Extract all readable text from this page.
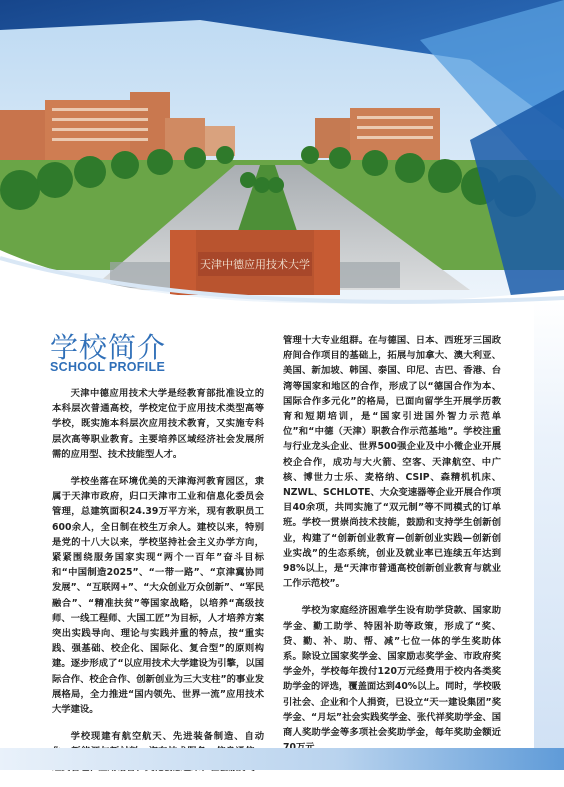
天津中德应用技术大学
学校简介
SCHOOL PROFILE

天津中德应用技术大学是经教育部批准设立的本科层次普通高校，学校定位于应用技术类型高等学校，既实施本科层次应用技术教育，又实施专科层次高等职业教育。主要培养区域经济社会发展所需的应用型、技术技能型人才。

学校坐落在环境优美的天津海河教育园区，隶属于天津市政府，归口天津市工业和信息化委员会管理，总建筑面积24.39万平方米，现有教职员工600余人，全日制在校生万余人。建校以来，特别是党的十八大以来，学校坚持社会主义办学方向，紧紧围绕服务国家实现“两个一百年”奋斗目标和“中国制造2025”、“一带一路”、“京津冀协同发展”、“互联网+”、“大众创业万众创新”、“军民融合”、“精准扶贫”等国家战略，以培养“高级技师、一线工程师、大国工匠”为目标，人才培养方案突出实践导向、理论与实践并重的特点，按“重实践、强基础、校企化、国际化、复合型”的原则构建。逐步形成了“以应用技术大学建设为引擎，以国际合作、校企合作、创新创业为三大支柱”的事业发展格局，全力推进“国内领先、世界一流”应用技术大学建设。

学校现建有航空航天、先进装备制造、自动

管理十大专业组群。在与德国、日本、西班牙三国政府间合作项目的基础上，拓展与加拿大、澳大利亚、美国、新加坡、韩国、泰国、印尼、古巴、香港、台湾等国家和地区的合作，形成了以“德国合作为本、国际合作多元化”的格局，已面向留学生开展学历教育和短期培训，是“国家引进国外智力示范单位”和“中德（天津）职教合作示范基地”。学校注重与行业龙头企业、世界500强企业及中小微企业开展校企合作，成功与大火箭、空客、天津航空、中广核、博世力士乐、麦格纳、CSIP、森精机机床、NZWL、SCHLOTE、大众变速器等企业开展合作项目40余项，共同实施了“双元制”等不同模式的订单班。学校一贯崇尚技术技能，鼓励和支持学生创新创业，构建了“创新创业教育—创新创业实践—创新创业实战”的生态系统，创业及就业率已连续五年达到98%以上，是“天津市普通高校创新创业教育与就业工作示范校”。

学校为家庭经济困难学生设有助学贷款、国家助学金、勤工助学、特困补助等政策，形成了“奖、贷、勤、补、助、帮、减”七位一体的学生奖助体系。除设立国家奖学金、国家励志奖学金、市政府奖学金外，学校每年拨付120万元经费用于校内各类奖助学金的评选，覆盖面达到40%以上。同时，学校吸引社会、企业和个人捐资，已设立“天一建设集团”奖学金、“月坛”社会实践奖学金、张代祥奖助学金、国商人奖助学金等多项社会奖助学金，每年奖助金额近
